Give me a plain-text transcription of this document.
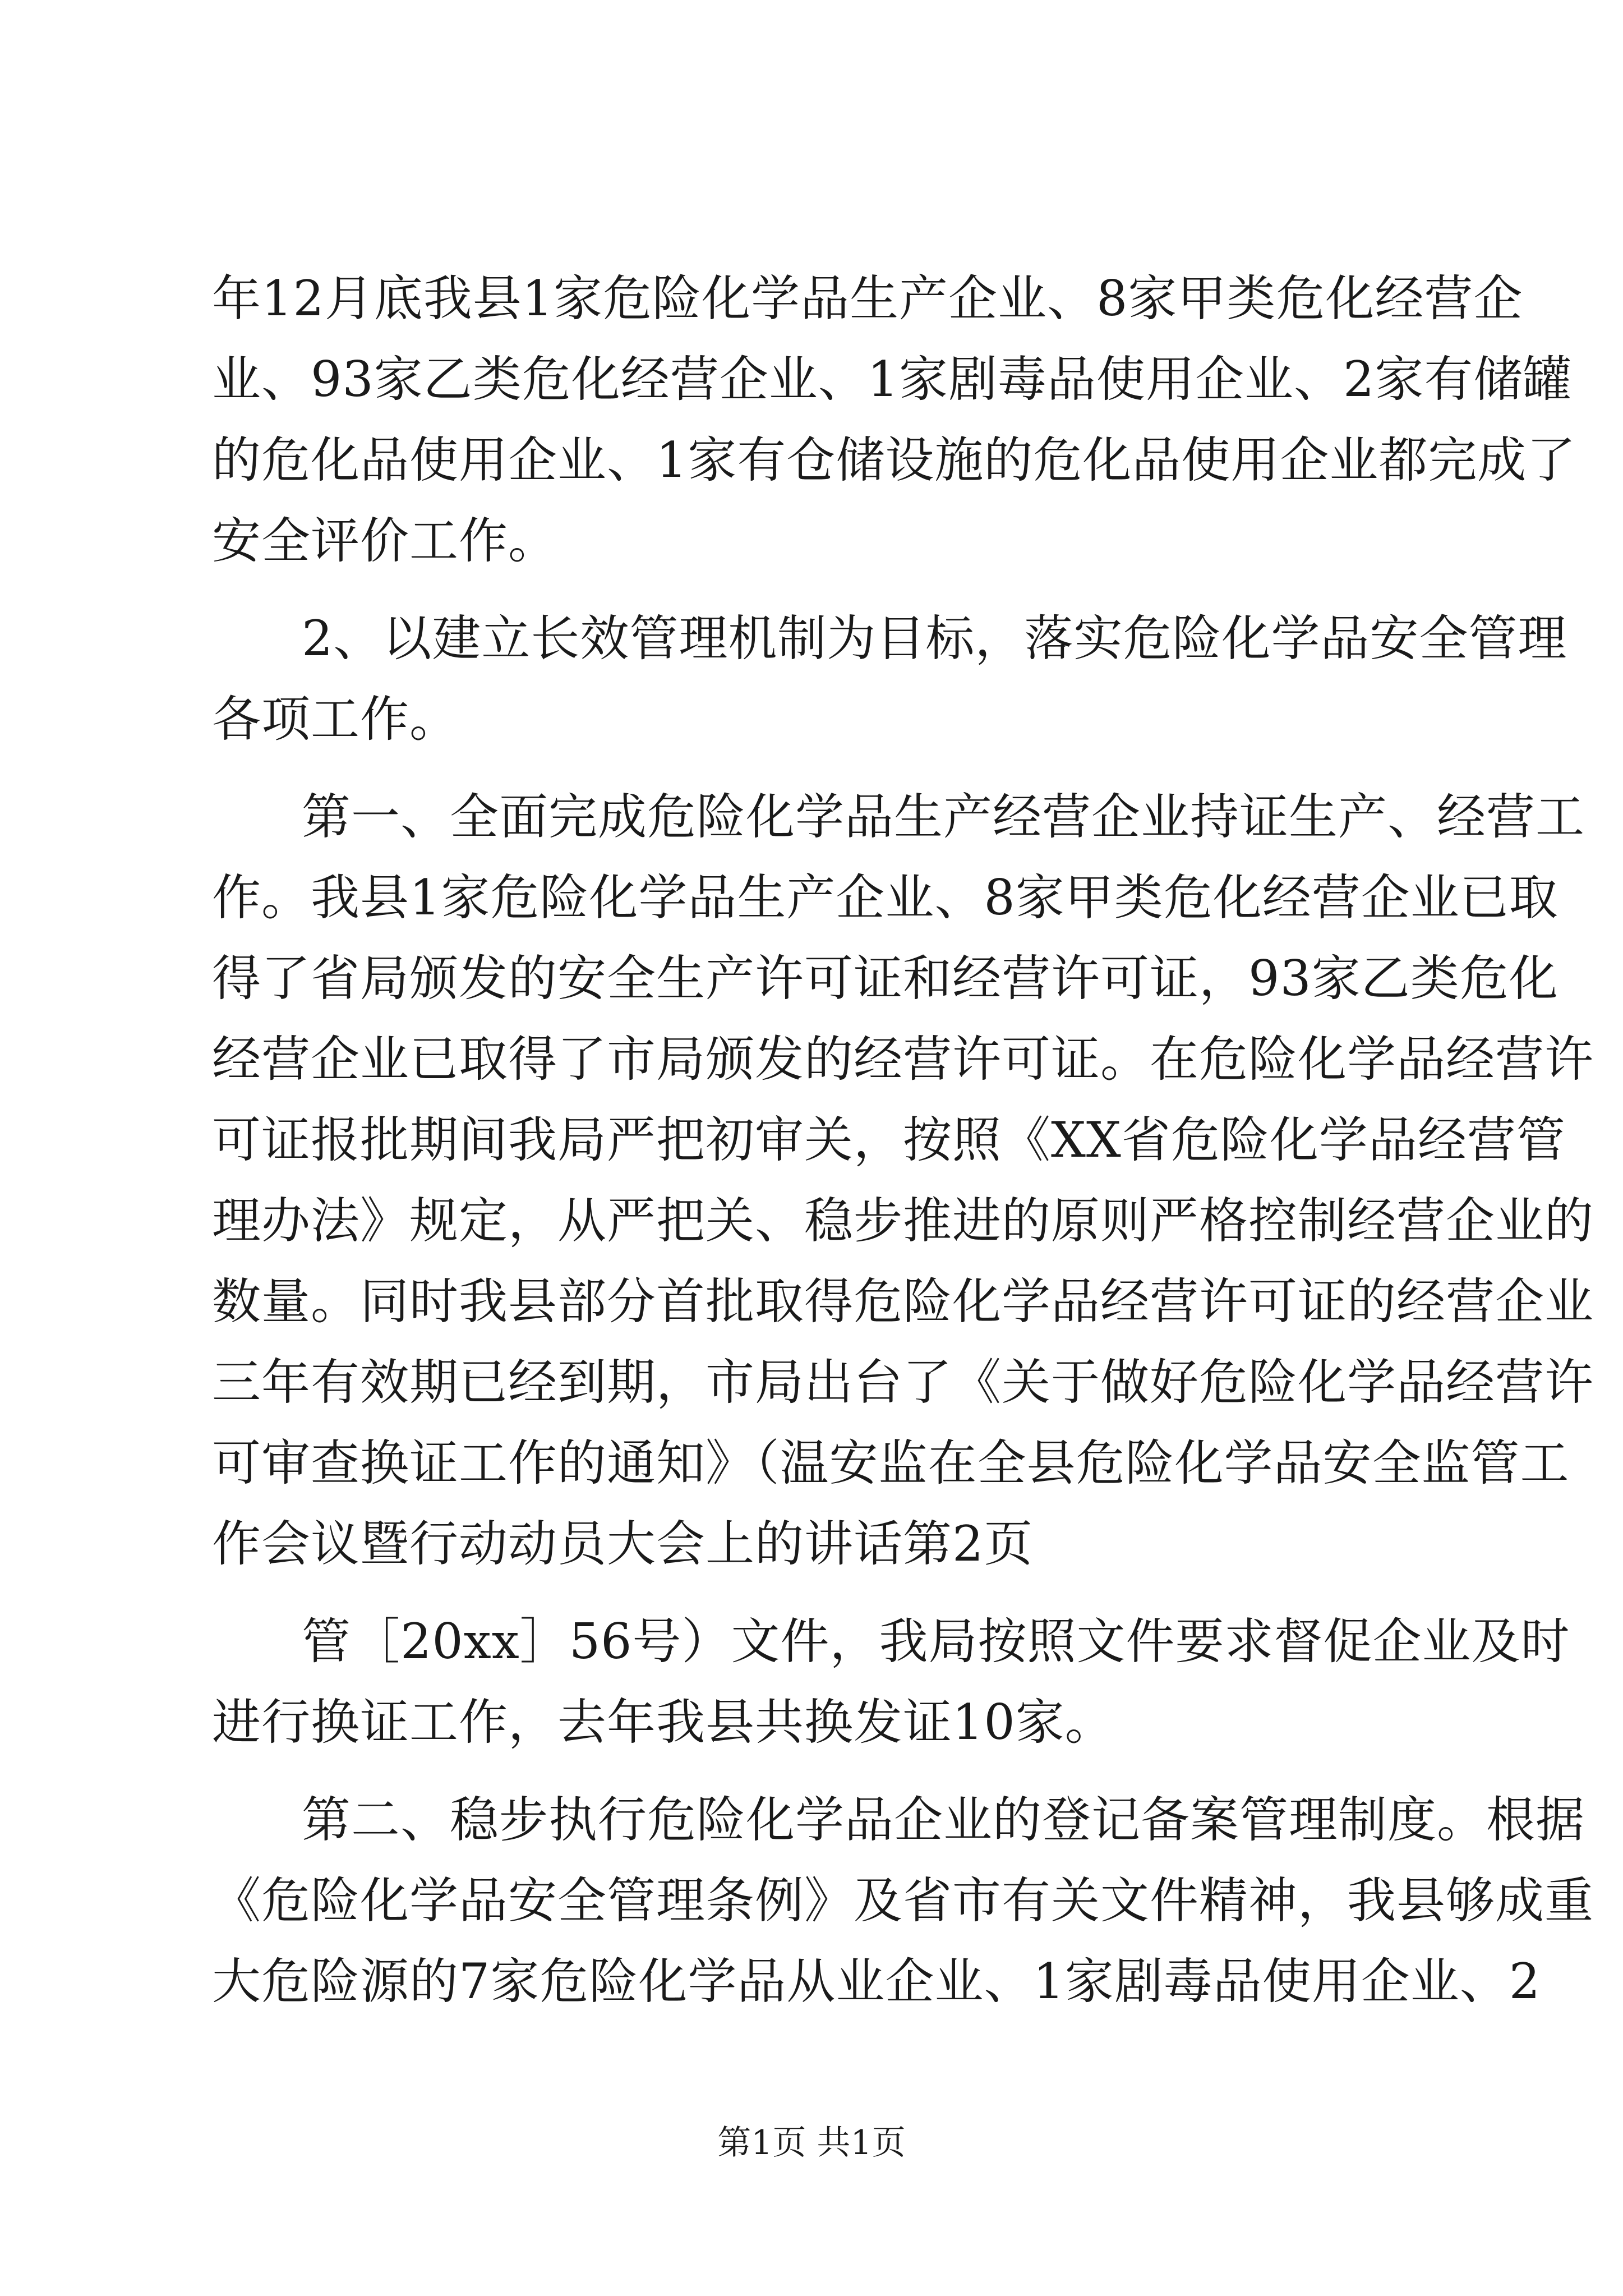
年12月底我县1家危险化学品生产企业、8家甲类危化经营企
业、93家乙类危化经营企业、1家剧毒品使用企业、2家有储罐
的危化品使用企业、1家有仓储设施的危化品使用企业都完成了
安全评价工作。
2、以建立长效管理机制为目标，落实危险化学品安全管理
各项工作。
第一、全面完成危险化学品生产经营企业持证生产、经营工
作。我县1家危险化学品生产企业、8家甲类危化经营企业已取
得了省局颁发的安全生产许可证和经营许可证，93家乙类危化
经营企业已取得了市局颁发的经营许可证。在危险化学品经营许
可证报批期间我局严把初审关，按照《XX省危险化学品经营管
理办法》规定，从严把关、稳步推进的原则严格控制经营企业的
数量。同时我县部分首批取得危险化学品经营许可证的经营企业
三年有效期已经到期，市局出台了《关于做好危险化学品经营许
可审查换证工作的通知》（温安监在全县危险化学品安全监管工
作会议暨行动动员大会上的讲话第2页
管［20xx］56号）文件，我局按照文件要求督促企业及时
进行换证工作，去年我县共换发证10家。
第二、稳步执行危险化学品企业的登记备案管理制度。根据
《危险化学品安全管理条例》及省市有关文件精神，我县够成重
大危险源的7家危险化学品从业企业、1家剧毒品使用企业、2
第1页 共1页
